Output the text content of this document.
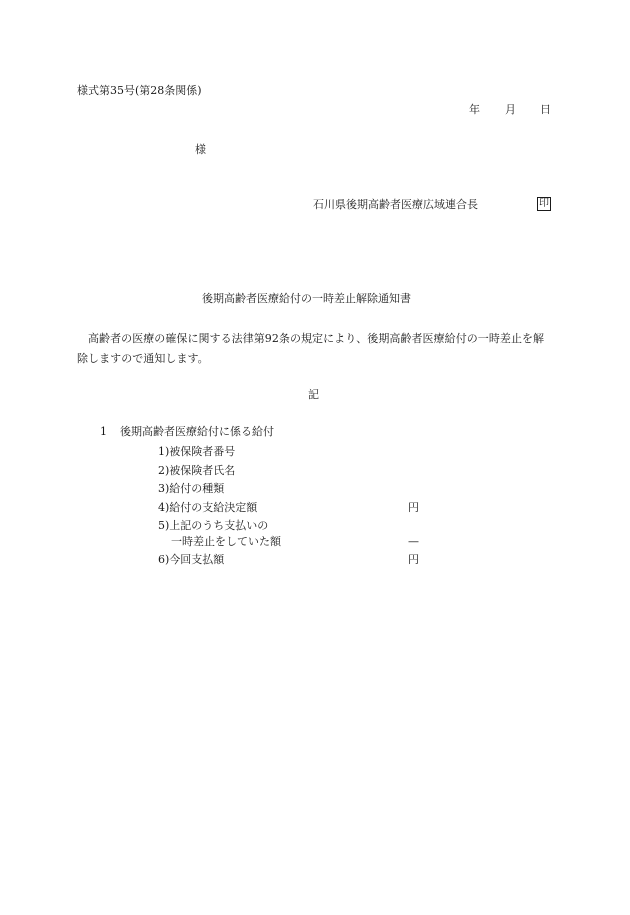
様式第35号(第28条関係)
年 月 日
様
石川県後期高齢者医療広域連合長	印
後期高齢者医療給付の一時差止解除通知書
高齢者の医療の確保に関する法律第92条の規定により、後期高齢者医療給付の一時差止を解除しますので通知します。
記
1 後期高齢者医療給付に係る給付
1)被保険者番号
2)被保険者氏名
3)給付の種類
4)給付の支給決定額	円
5)上記のうち支払いの
一時差止をしていた額	—
6)今回支払額	円
